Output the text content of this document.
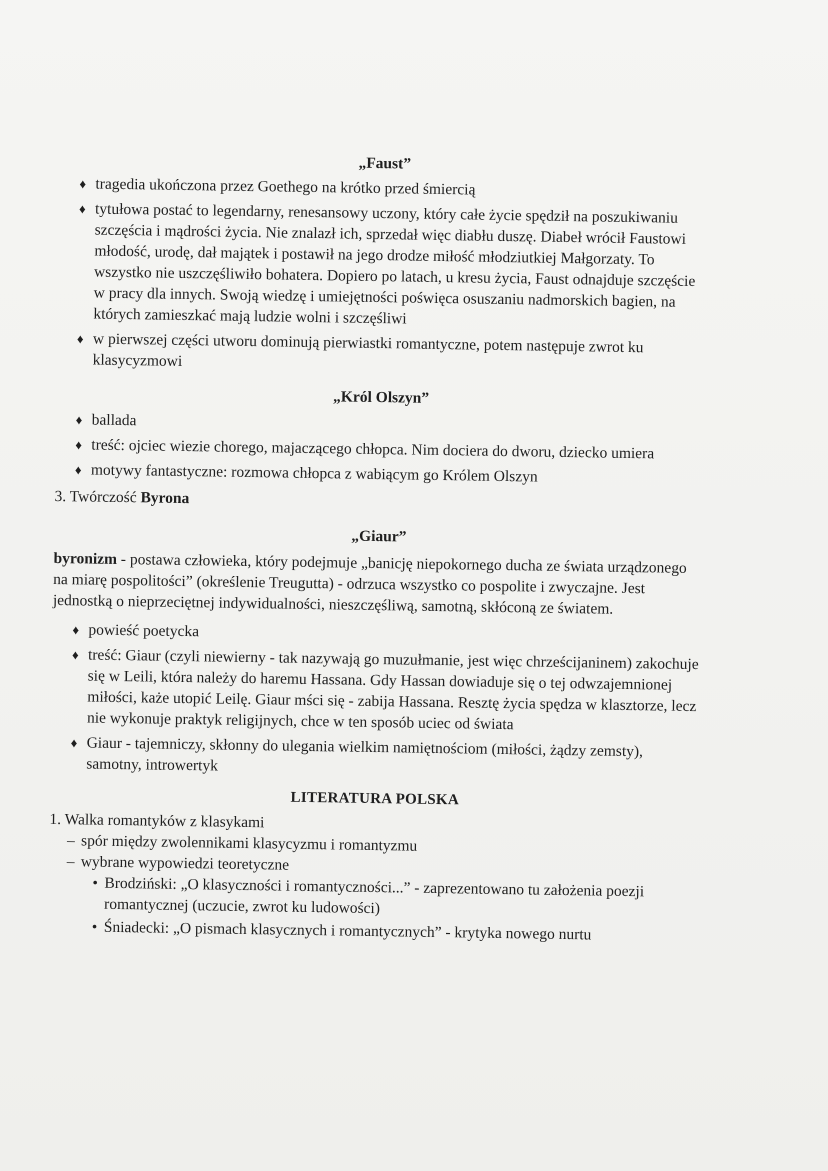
„Faust”

♦ tragedia ukończona przez Goethego na krótko przed śmiercią
♦ tytułowa postać to legendarny, renesansowy uczony, który całe życie spędził na poszukiwaniu szczęścia i mądrości życia. Nie znalazł ich, sprzedał więc diabłu duszę. Diabeł wrócił Faustowi młodość, urodę, dał majątek i postawił na jego drodze miłość młodziutkiej Małgorzaty. To wszystko nie uszczęśliwiło bohatera. Dopiero po latach, u kresu życia, Faust odnajduje szczęście w pracy dla innych. Swoją wiedzę i umiejętności poświęca osuszaniu nadmorskich bagien, na których zamieszkać mają ludzie wolni i szczęśliwi
♦ w pierwszej części utworu dominują pierwiastki romantyczne, potem następuje zwrot ku klasycyzmowi

„Król Olszyn”

♦ ballada
♦ treść: ojciec wiezie chorego, majaczącego chłopca. Nim dociera do dworu, dziecko umiera
♦ motywy fantastyczne: rozmowa chłopca z wabiącym go Królem Olszyn

3. Twórczość Byrona

„Giaur”

byronizm - postawa człowieka, który podejmuje „banicję niepokornego ducha ze świata urządzonego na miarę pospolitości” (określenie Treugutta) - odrzuca wszystko co pospolite i zwyczajne. Jest jednostką o nieprzeciętnej indywidualności, nieszczęśliwą, samotną, skłóconą ze światem.

♦ powieść poetycka
♦ treść: Giaur (czyli niewierny - tak nazywają go muzułmanie, jest więc chrześcijaninem) zakochuje się w Leili, która należy do haremu Hassana. Gdy Hassan dowiaduje się o tej odwzajemnionej miłości, każe utopić Leilę. Giaur mści się - zabija Hassana. Resztę życia spędza w klasztorze, lecz nie wykonuje praktyk religijnych, chce w ten sposób uciec od świata
♦ Giaur - tajemniczy, skłonny do ulegania wielkim namiętnościom (miłości, żądzy zemsty), samotny, introwertyk

LITERATURA POLSKA

1. Walka romantyków z klasykami

– spór między zwolennikami klasycyzmu i romantyzmu
– wybrane wypowiedzi teoretyczne
• Brodziński: „O klasyczności i romantyczności...” - zaprezentowano tu założenia poezji romantycznej (uczucie, zwrot ku ludowości)
• Śniadecki: „O pismach klasycznych i romantycznych” - krytyka nowego nurtu
